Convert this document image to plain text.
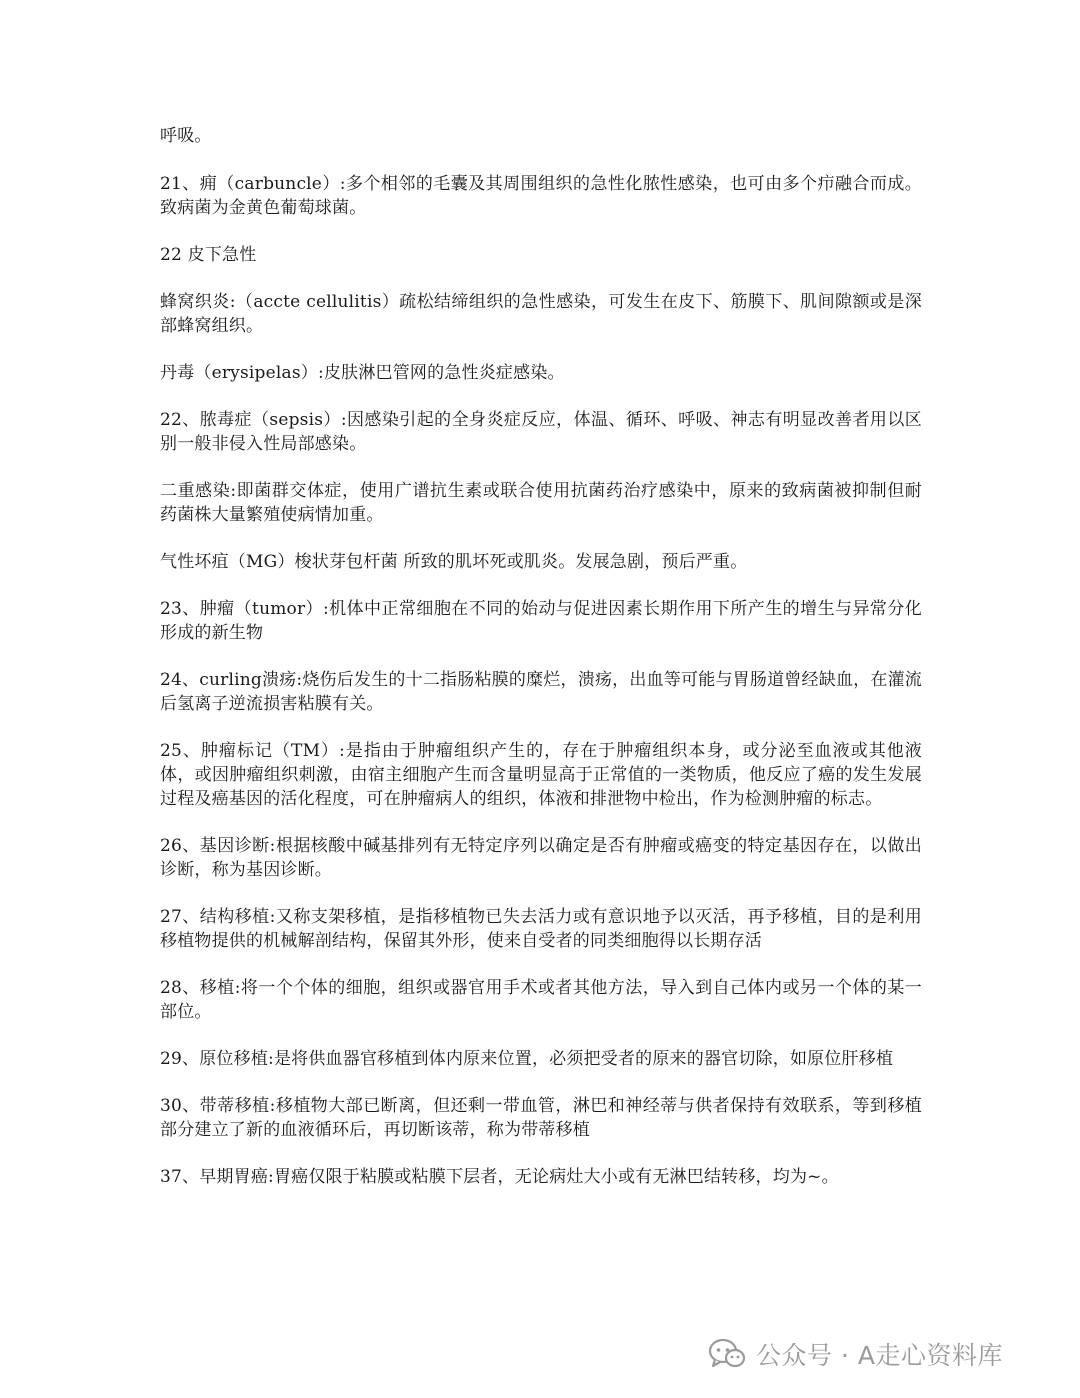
呼吸。

21、痈（carbuncle）:多个相邻的毛囊及其周围组织的急性化脓性感染，也可由多个疖融合而成。致病菌为金黄色葡萄球菌。

22 皮下急性

蜂窝织炎:（accte cellulitis）疏松结缔组织的急性感染，可发生在皮下、筋膜下、肌间隙额或是深部蜂窝组织。

丹毒（erysipelas）:皮肤淋巴管网的急性炎症感染。

22、脓毒症（sepsis）:因感染引起的全身炎症反应，体温、循环、呼吸、神志有明显改善者用以区别一般非侵入性局部感染。

二重感染:即菌群交体症，使用广谱抗生素或联合使用抗菌药治疗感染中，原来的致病菌被抑制但耐药菌株大量繁殖使病情加重。

气性坏疽（MG）梭状芽包杆菌 所致的肌坏死或肌炎。发展急剧，预后严重。

23、肿瘤（tumor）:机体中正常细胞在不同的始动与促进因素长期作用下所产生的增生与异常分化形成的新生物

24、curling溃疡:烧伤后发生的十二指肠粘膜的糜烂，溃疡，出血等可能与胃肠道曾经缺血，在灌流后氢离子逆流损害粘膜有关。

25、肿瘤标记（TM）:是指由于肿瘤组织产生的，存在于肿瘤组织本身，或分泌至血液或其他液体，或因肿瘤组织刺激，由宿主细胞产生而含量明显高于正常值的一类物质，他反应了癌的发生发展过程及癌基因的活化程度，可在肿瘤病人的组织，体液和排泄物中检出，作为检测肿瘤的标志。

26、基因诊断:根据核酸中碱基排列有无特定序列以确定是否有肿瘤或癌变的特定基因存在，以做出诊断，称为基因诊断。

27、结构移植:又称支架移植，是指移植物已失去活力或有意识地予以灭活，再予移植，目的是利用移植物提供的机械解剖结构，保留其外形，使来自受者的同类细胞得以长期存活

28、移植:将一个个体的细胞，组织或器官用手术或者其他方法，导入到自己体内或另一个体的某一部位。

29、原位移植:是将供血器官移植到体内原来位置，必须把受者的原来的器官切除，如原位肝移植

30、带蒂移植:移植物大部已断离，但还剩一带血管，淋巴和神经蒂与供者保持有效联系，等到移植部分建立了新的血液循环后，再切断该蒂，称为带蒂移植

37、早期胃癌:胃癌仅限于粘膜或粘膜下层者，无论病灶大小或有无淋巴结转移，均为~。

公众号 · A走心资料库
